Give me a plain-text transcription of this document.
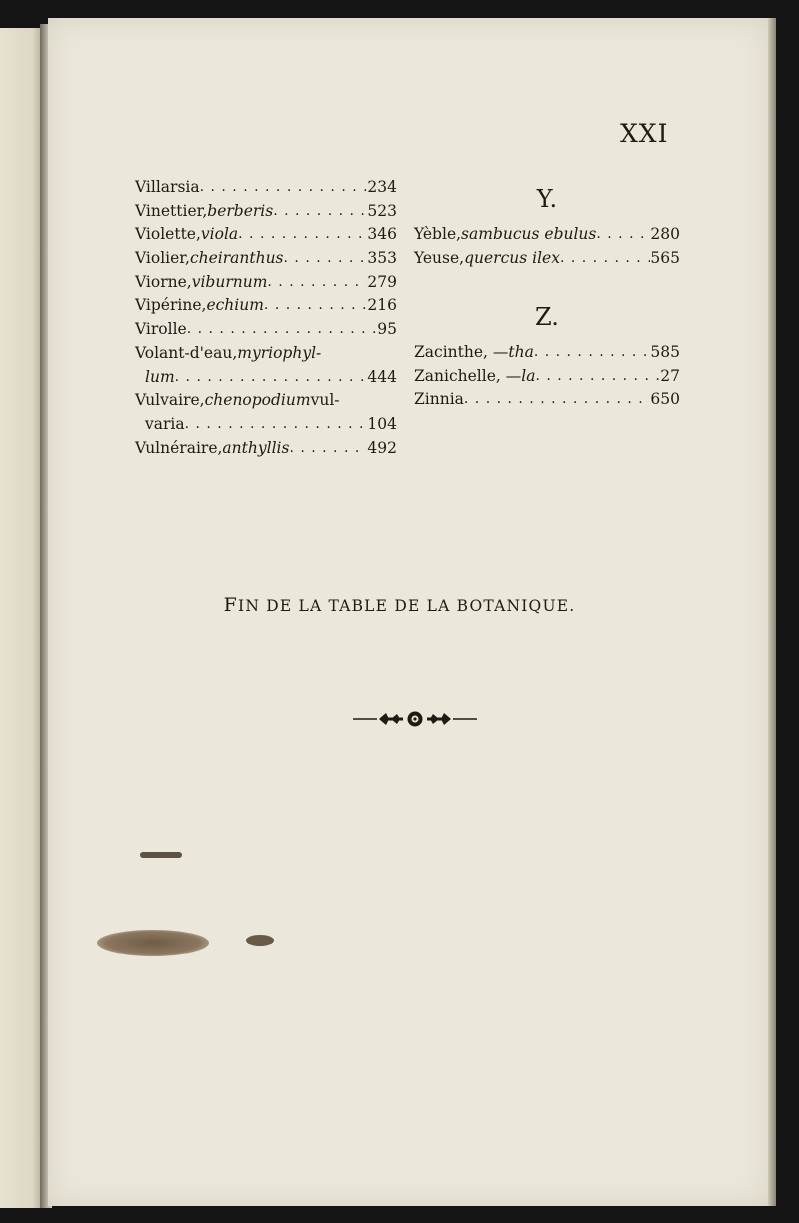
XXI
Villarsia . . .	234
Vinettier, berberis . . .	523
Violette, viola . . .	346
Violier, cheiranthus . . .	353
Viorne, viburnum . . .	279
Vipérine, echium . . .	216
Virolle . . .	95
Volant-d'eau, myriophyl-
lum . . .	444
Vulvaire, chenopodium vul-
varia . . .	104
Vulnéraire, anthyllis . . .	492
Y.
Yèble, sambucus ebulus . . .	280
Yeuse, quercus ilex . . .	565
Z.
Zacinthe, — tha . . .	585
Zanichelle, — la . . .	27
Zinnia . . .	650
FIN DE LA TABLE DE LA BOTANIQUE.
